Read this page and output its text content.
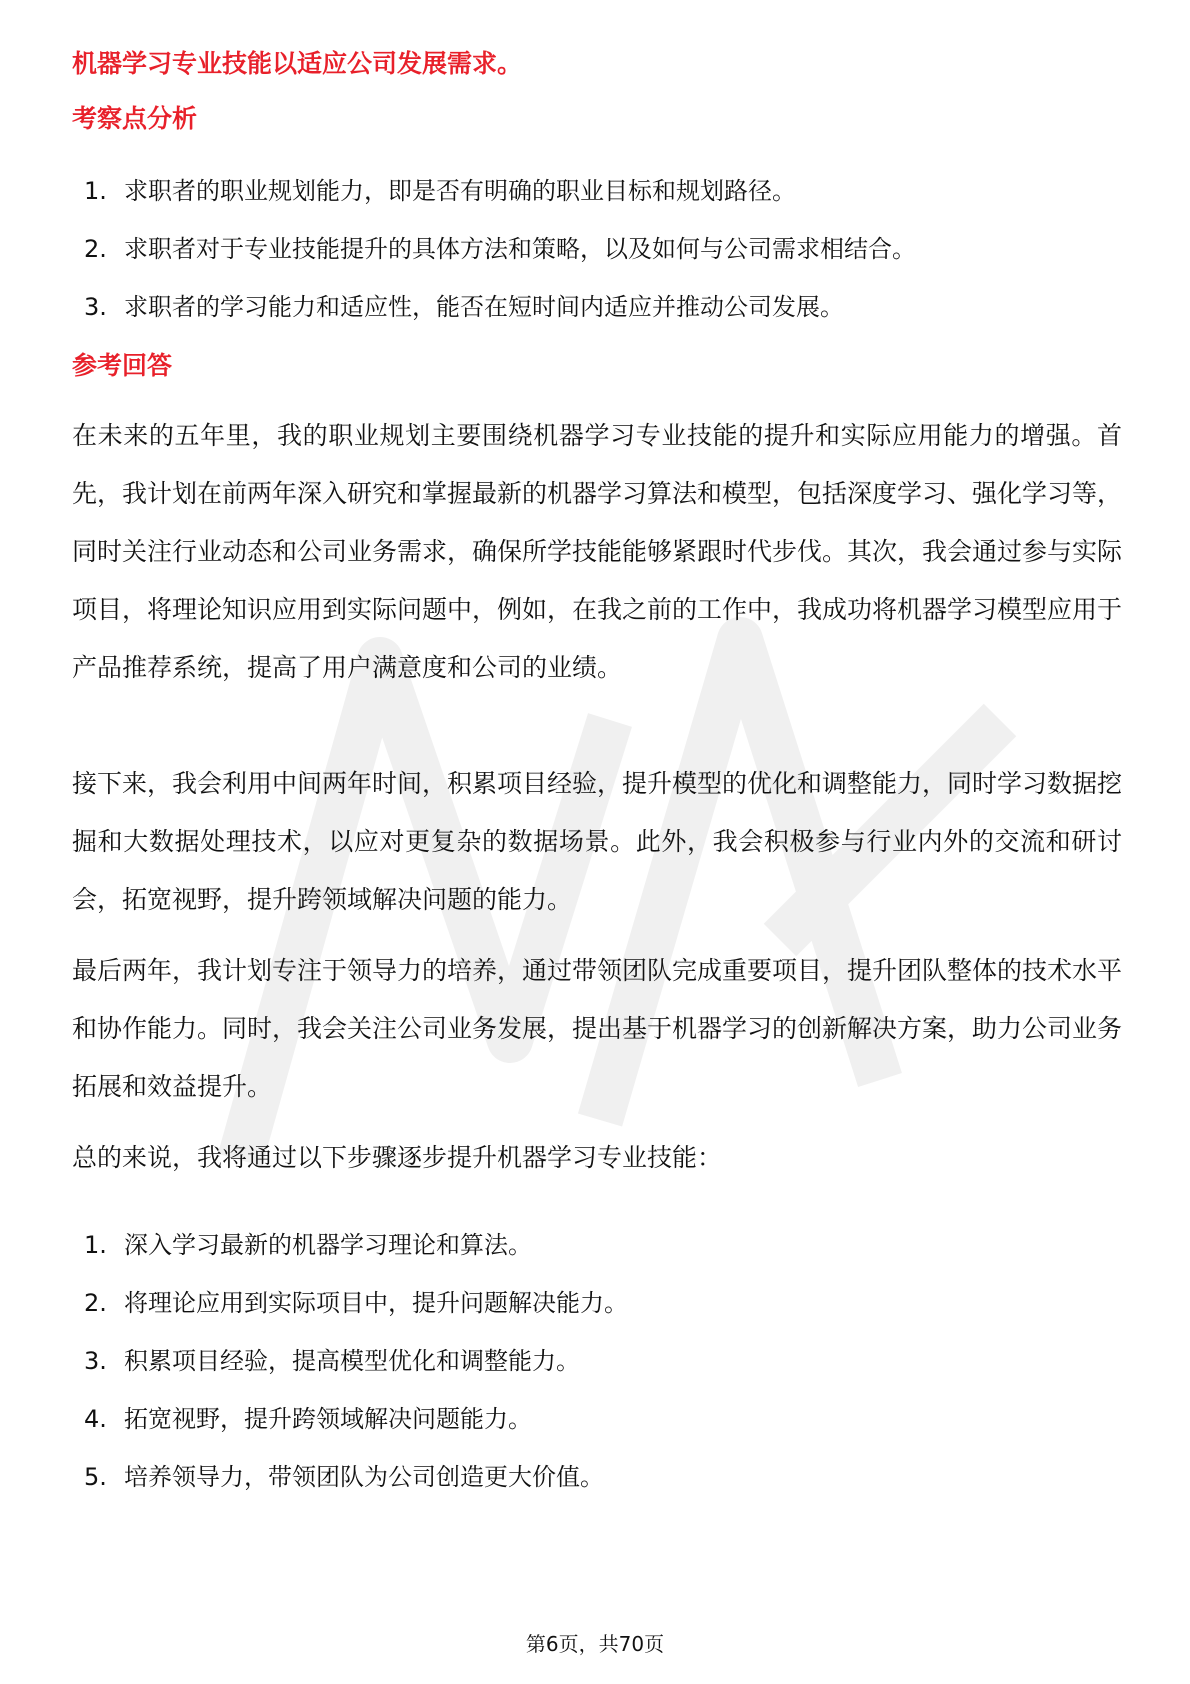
机器学习专业技能以适应公司发展需求。
考察点分析
1. 求职者的职业规划能力，即是否有明确的职业目标和规划路径。
2. 求职者对于专业技能提升的具体方法和策略，以及如何与公司需求相结合。
3. 求职者的学习能力和适应性，能否在短时间内适应并推动公司发展。
参考回答

在未来的五年里，我的职业规划主要围绕机器学习专业技能的提升和实际应用能力的增强。首先，我计划在前两年深入研究和掌握最新的机器学习算法和模型，包括深度学习、强化学习等，同时关注行业动态和公司业务需求，确保所学技能能够紧跟时代步伐。其次，我会通过参与实际项目，将理论知识应用到实际问题中，例如，在我之前的工作中，我成功将机器学习模型应用于产品推荐系统，提高了用户满意度和公司的业绩。

接下来，我会利用中间两年时间，积累项目经验，提升模型的优化和调整能力，同时学习数据挖掘和大数据处理技术，以应对更复杂的数据场景。此外，我会积极参与行业内外的交流和研讨会，拓宽视野，提升跨领域解决问题的能力。

最后两年，我计划专注于领导力的培养，通过带领团队完成重要项目，提升团队整体的技术水平和协作能力。同时，我会关注公司业务发展，提出基于机器学习的创新解决方案，助力公司业务拓展和效益提升。

总的来说，我将通过以下步骤逐步提升机器学习专业技能：

1. 深入学习最新的机器学习理论和算法。
2. 将理论应用到实际项目中，提升问题解决能力。
3. 积累项目经验，提高模型优化和调整能力。
4. 拓宽视野，提升跨领域解决问题能力。
5. 培养领导力，带领团队为公司创造更大价值。
第6页，共70页
